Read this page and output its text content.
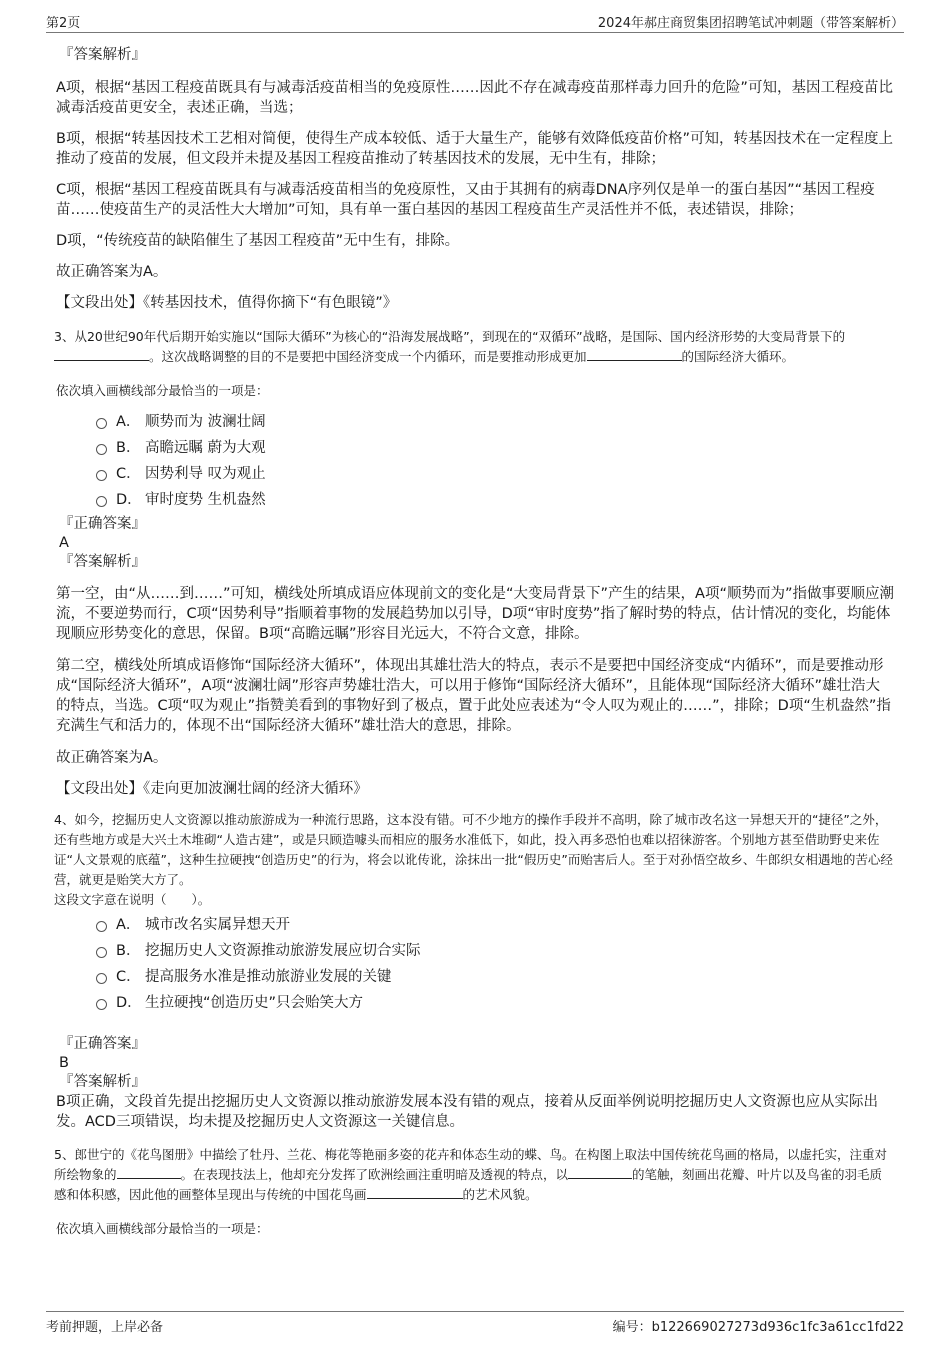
第2页	2024年郝庄商贸集团招聘笔试冲刺题（带答案解析）
『答案解析』

A项，根据“基因工程疫苗既具有与减毒活疫苗相当的免疫原性……因此不存在减毒疫苗那样毒力回升的危险”可知，基因工程疫苗比减毒活疫苗更安全，表述正确，当选；

B项，根据“转基因技术工艺相对简便，使得生产成本较低、适于大量生产，能够有效降低疫苗价格”可知，转基因技术在一定程度上推动了疫苗的发展，但文段并未提及基因工程疫苗推动了转基因技术的发展，无中生有，排除；

C项，根据“基因工程疫苗既具有与减毒活疫苗相当的免疫原性，又由于其拥有的病毒DNA序列仅是单一的蛋白基因”“基因工程疫苗……使疫苗生产的灵活性大大增加”可知，具有单一蛋白基因的基因工程疫苗生产灵活性并不低，表述错误，排除；

D项，“传统疫苗的缺陷催生了基因工程疫苗”无中生有，排除。

故正确答案为A。

【文段出处】《转基因技术，值得你摘下“有色眼镜”》

3、从20世纪90年代后期开始实施以“国际大循环”为核心的“沿海发展战略”，到现在的“双循环”战略，是国际、国内经济形势的大变局背景下的。这次战略调整的目的不是要把中国经济变成一个内循环，而是要推动形成更加	的国际经济大循环。

依次填入画横线部分最恰当的一项是：

A． 顺势而为 波澜壮阔
B． 高瞻远瞩 蔚为大观
C． 因势利导 叹为观止
D． 审时度势 生机盎然
『正确答案』
A
『答案解析』

第一空，由“从……到……”可知，横线处所填成语应体现前文的变化是“大变局背景下”产生的结果，A项“顺势而为”指做事要顺应潮流，不要逆势而行，C项“因势利导”指顺着事物的发展趋势加以引导，D项“审时度势”指了解时势的特点，估计情况的变化，均能体现顺应形势变化的意思，保留。B项“高瞻远瞩”形容目光远大，不符合文意，排除。

第二空，横线处所填成语修饰“国际经济大循环”，体现出其雄壮浩大的特点，表示不是要把中国经济变成“内循环”，而是要推动形成“国际经济大循环”，A项“波澜壮阔”形容声势雄壮浩大，可以用于修饰“国际经济大循环”，且能体现“国际经济大循环”雄壮浩大的特点，当选。C项“叹为观止”指赞美看到的事物好到了极点，置于此处应表述为“令人叹为观止的……”，排除；D项“生机盎然”指充满生气和活力的，体现不出“国际经济大循环”雄壮浩大的意思，排除。

故正确答案为A。

【文段出处】《走向更加波澜壮阔的经济大循环》

4、如今，挖掘历史人文资源以推动旅游成为一种流行思路，这本没有错。可不少地方的操作手段并不高明，除了城市改名这一异想天开的“捷径”之外，还有些地方或是大兴土木堆砌“人造古建”，或是只顾造噱头而相应的服务水准低下，如此，投入再多恐怕也难以招徕游客。个别地方甚至借助野史来佐证“人文景观的底蕴”，这种生拉硬拽“创造历史”的行为，将会以讹传讹，涂抹出一批“假历史”而贻害后人。至于对孙悟空故乡、牛郎织女相遇地的苦心经营，就更是贻笑大方了。

这段文字意在说明（　　）。

A． 城市改名实属异想天开
B． 挖掘历史人文资源推动旅游发展应切合实际
C． 提高服务水准是推动旅游业发展的关键
D． 生拉硬拽“创造历史”只会贻笑大方
『正确答案』
B
『答案解析』

B项正确，文段首先提出挖掘历史人文资源以推动旅游发展本没有错的观点，接着从反面举例说明挖掘历史人文资源也应从实际出发。ACD三项错误，均未提及挖掘历史人文资源这一关键信息。

5、郎世宁的《花鸟图册》中描绘了牡丹、兰花、梅花等艳丽多姿的花卉和体态生动的蝶、鸟。在构图上取法中国传统花鸟画的格局，以虚托实，注重对所绘物象的	。在表现技法上，他却充分发挥了欧洲绘画注重明暗及透视的特点，以	的笔触，刻画出花瓣、叶片以及鸟雀的羽毛质感和体积感，因此他的画整体呈现出与传统的中国花鸟画	的艺术风貌。

依次填入画横线部分最恰当的一项是：

考前押题，上岸必备	编号：b122669027273d936c1fc3a61cc1fd22
